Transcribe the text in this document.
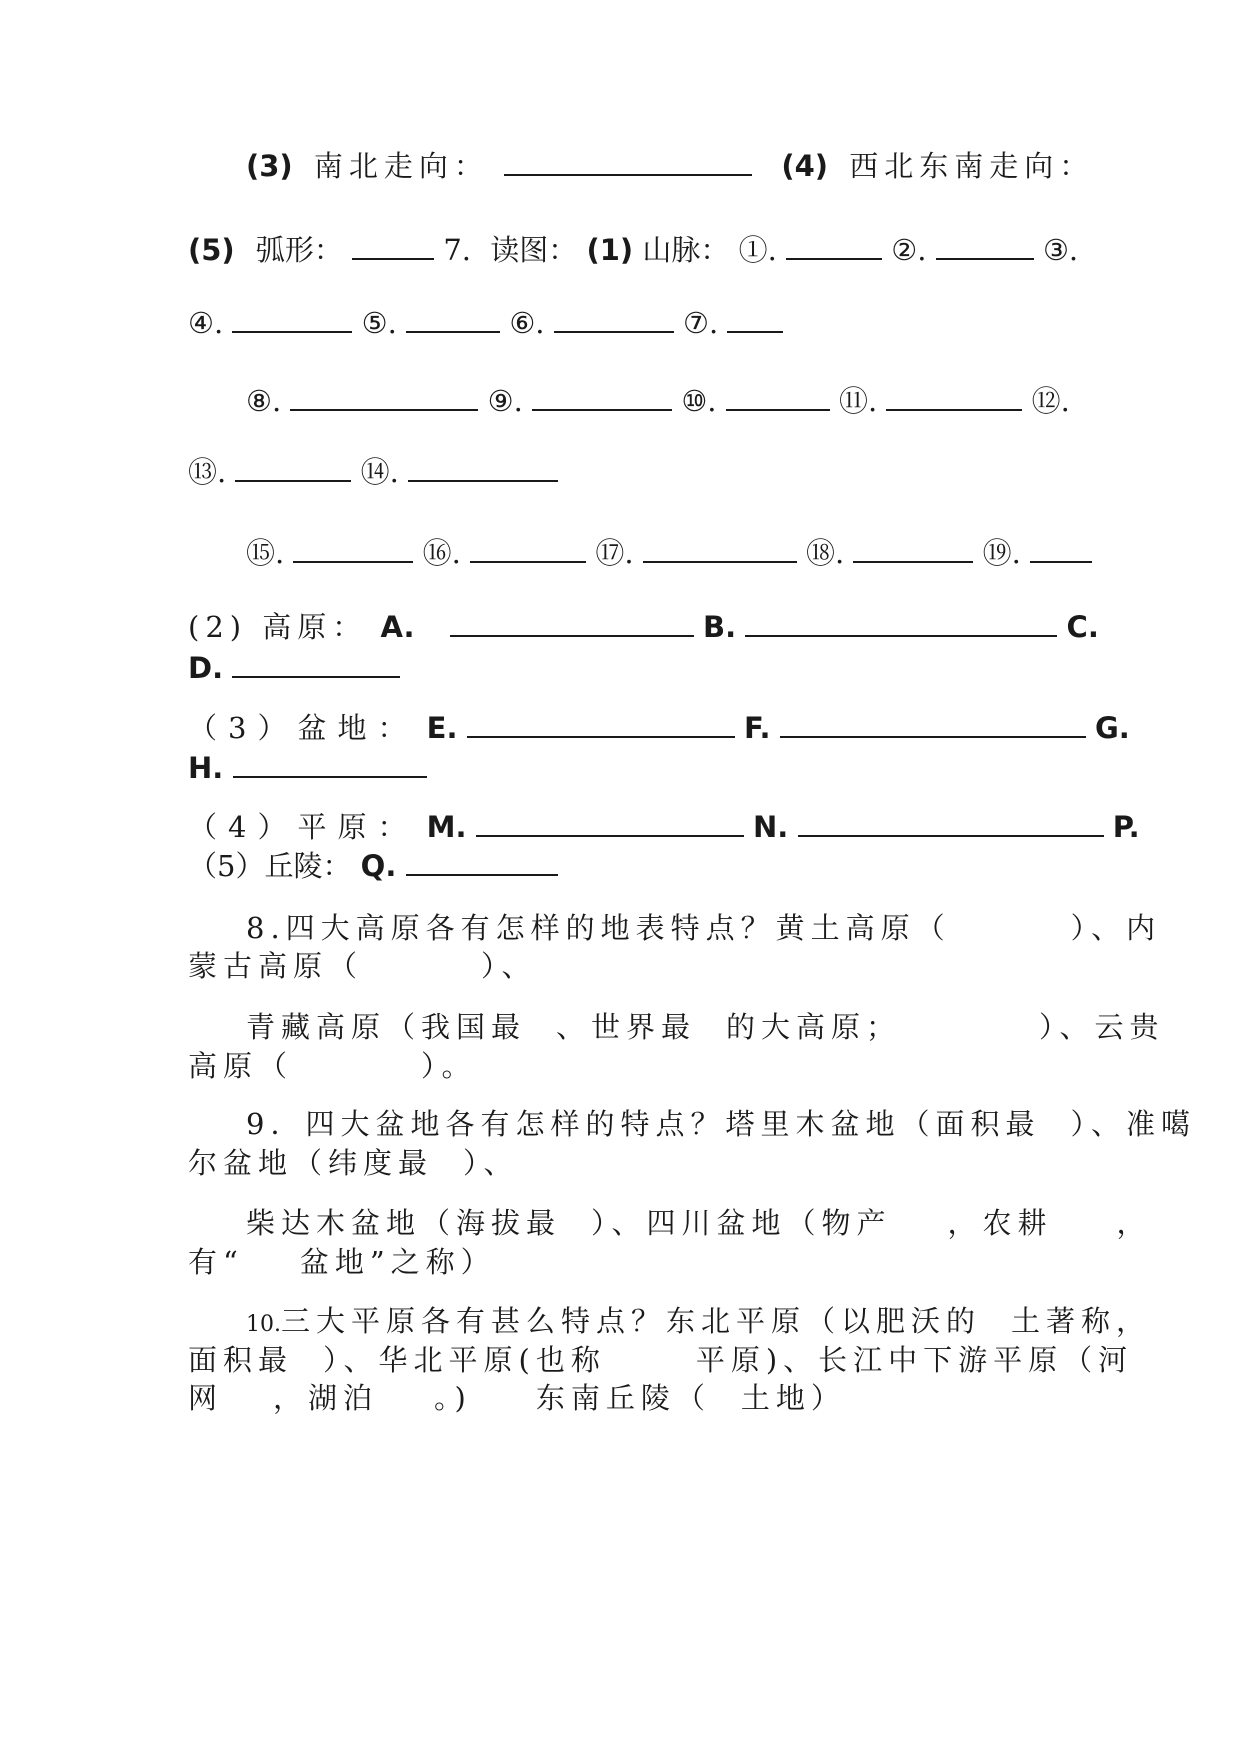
(3) 南北走向：	(4) 西北东南走向：
(5) 弧形：	7. 读图： (1) 山脉： ①.	②.	③.
④.	⑤.	⑥.	⑦.
⑧.	⑨.	⑩.	⑪.	⑫.
⑬.	⑭.
⑮.	⑯.	⑰.	⑱.	⑲.
(2) 高原： A.	B.	C.
D.
（3）盆地： E.	F.	G.
H.
（4）平原： M.	N.	P.
（5）丘陵： Q.
8.四大高原各有怎样的地表特点？黄土高原（	）、内
蒙古高原（	）、
青藏高原（我国最 、世界最 的大高原；	）、云贵
高原（	）。
9．四大盆地各有怎样的特点？塔里木盆地（面积最 ）、准噶
尔盆地（纬度最 ）、
柴达木盆地（海拔最 ）、四川盆地（物产 ，农耕 ，
有“ 盆地”之称）
10.三大平原各有甚么特点？东北平原（以肥沃的 土著称，
面积最 ）、华北平原(也称	平原)、长江中下游平原（河
网 ，湖泊 。) 东南丘陵（ 土地）
